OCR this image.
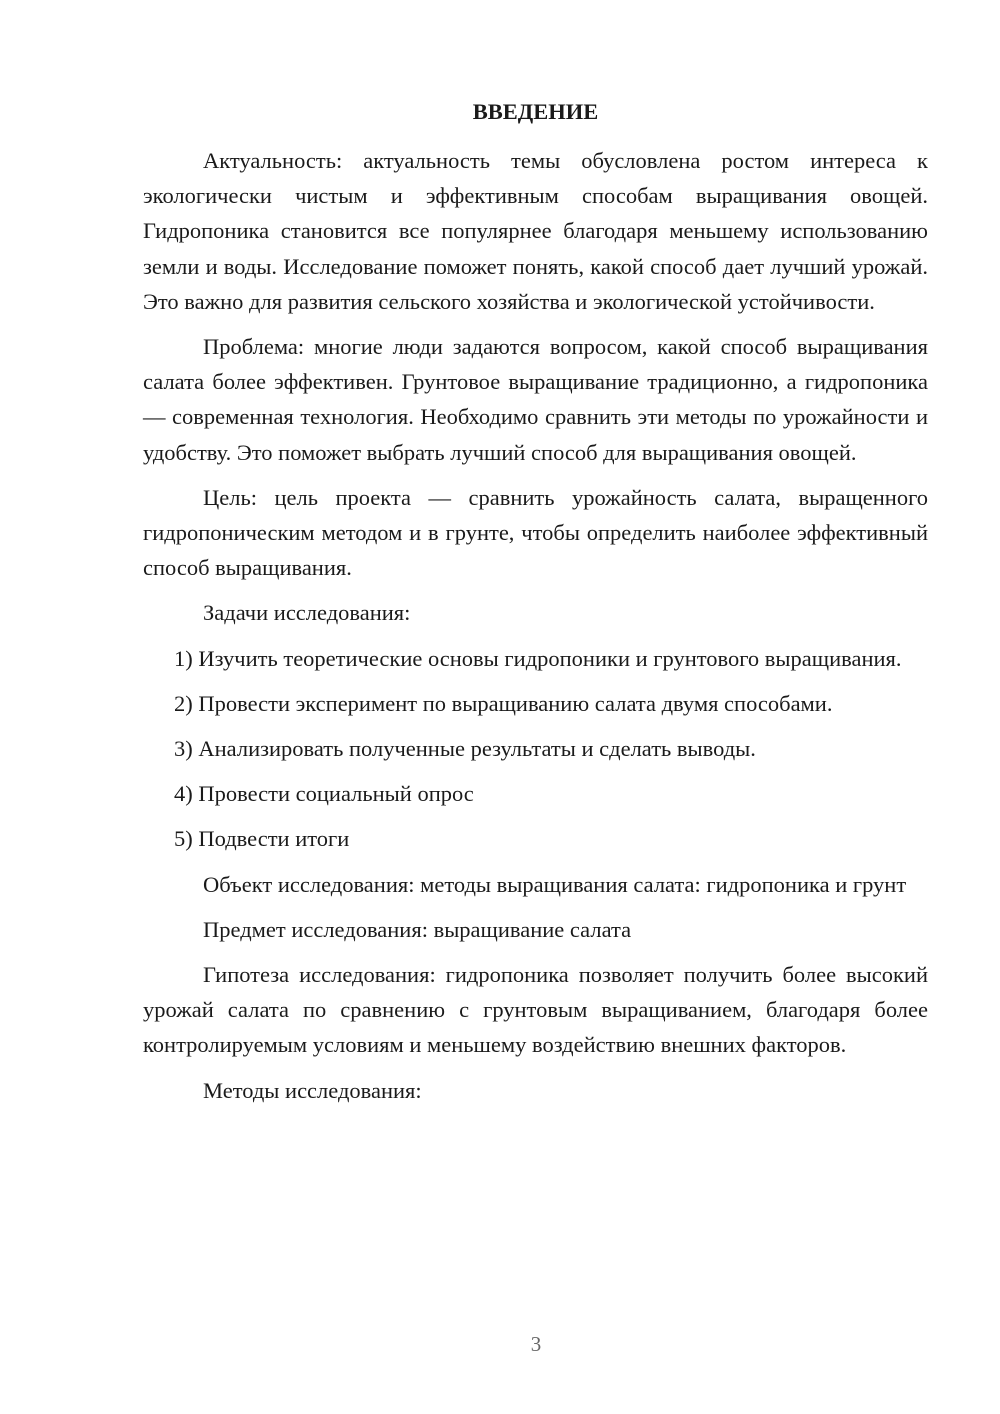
ВВЕДЕНИЕ

Актуальность: актуальность темы обусловлена ростом интереса к экологически чистым и эффективным способам выращивания овощей. Гидропоника становится все популярнее благодаря меньшему использованию земли и воды. Исследование поможет понять, какой способ дает лучший урожай. Это важно для развития сельского хозяйства и экологической устойчивости.

Проблема: многие люди задаются вопросом, какой способ выращивания салата более эффективен. Грунтовое выращивание традиционно, а гидропоника — современная технология. Необходимо сравнить эти методы по урожайности и удобству. Это поможет выбрать лучший способ для выращивания овощей.

Цель: цель проекта — сравнить урожайность салата, выращенного гидропоническим методом и в грунте, чтобы определить наиболее эффективный способ выращивания.

Задачи исследования:

1) Изучить теоретические основы гидропоники и грунтового выращивания.

2) Провести эксперимент по выращиванию салата двумя способами.

3) Анализировать полученные результаты и сделать выводы.

4) Провести социальный опрос

5) Подвести итоги

Объект исследования: методы выращивания салата: гидропоника и грунт

Предмет исследования: выращивание салата

Гипотеза исследования: гидропоника позволяет получить более высокий урожай салата по сравнению с грунтовым выращиванием, благодаря более контролируемым условиям и меньшему воздействию внешних факторов.

Методы исследования:

3
